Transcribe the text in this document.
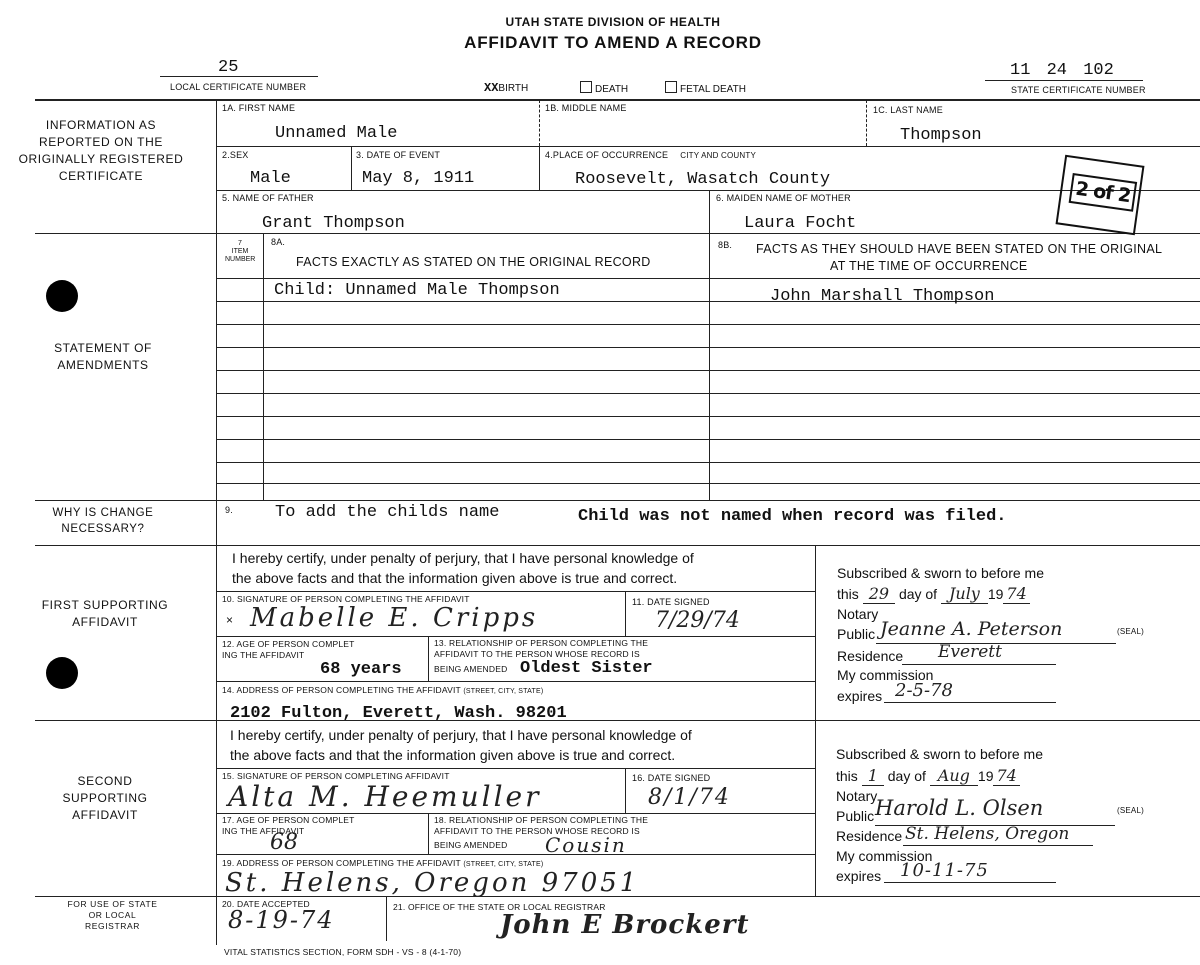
UTAH STATE DIVISION OF HEALTH
AFFIDAVIT TO AMEND A RECORD
25
LOCAL CERTIFICATE NUMBER	XXBIRTH	DEATH	FETAL DEATH
11 24 102
STATE CERTIFICATE NUMBER
INFORMATION AS REPORTED ON THE ORIGINALLY REGISTERED CERTIFICATE
STATEMENT OF AMENDMENTS
WHY IS CHANGE NECESSARY?
FIRST SUPPORTING AFFIDAVIT
SECOND SUPPORTING AFFIDAVIT
FOR USE OF STATE OR LOCAL REGISTRAR
1A. FIRST NAME
Unnamed Male
1B. MIDDLE NAME	1C. LAST NAME
Thompson
2.SEX
Male
3. DATE OF EVENT
May 8, 1911
4.PLACE OF OCCURRENCE CITY AND COUNTY
Roosevelt, Wasatch County
5. NAME OF FATHER
Grant Thompson
6. MAIDEN NAME OF MOTHER
Laura Focht
2 of 2
7
ITEM NUMBER
8A.
FACTS EXACTLY AS STATED ON THE ORIGINAL RECORD
8B. FACTS AS THEY SHOULD HAVE BEEN STATED ON THE ORIGINAL
AT THE TIME OF OCCURRENCE
Child: Unnamed Male Thompson	John Marshall Thompson
9. To add the childs name	Child was not named when record was filed.
I hereby certify, under penalty of perjury, that I have personal knowledge of
the above facts and that the information given above is true and correct.
10. SIGNATURE OF PERSON COMPLETING THE AFFIDAVIT
× Mabelle E. Cripps
11. DATE SIGNED
7/29/74
12. AGE OF PERSON COMPLET
ING THE AFFIDAVIT
68 years
13. RELATIONSHIP OF PERSON COMPLETING THE
AFFIDAVIT TO THE PERSON WHOSE RECORD IS
BEING AMENDED Oldest Sister
14. ADDRESS OF PERSON COMPLETING THE AFFIDAVIT (STREET, CITY, STATE)
2102 Fulton, Everett, Wash. 98201
Subscribed & sworn to before me
this 29 day of July 19 74
Notary
Public Jeanne A. Peterson	(SEAL)
Residence Everett
My commission
expires 2-5-78
I hereby certify, under penalty of perjury, that I have personal knowledge of
the above facts and that the information given above is true and correct.
15. SIGNATURE OF PERSON COMPLETING AFFIDAVIT
Alta M. Heemuller
16. DATE SIGNED
8/1/74
17. AGE OF PERSON COMPLET
ING THE AFFIDAVIT
68
18. RELATIONSHIP OF PERSON COMPLETING THE
AFFIDAVIT TO THE PERSON WHOSE RECORD IS
BEING AMENDED Cousin
19. ADDRESS OF PERSON COMPLETING THE AFFIDAVIT (STREET, CITY, STATE)
St. Helens, Oregon 97051
Subscribed & sworn to before me
this 1 day of Aug 19 74
Notary
Public Harold L. Olsen	(SEAL)
Residence St. Helens, Oregon
My commission
expires 10-11-75
20. DATE ACCEPTED
8-19-74	21. OFFICE OF THE STATE OR LOCAL REGISTRAR
John E Brockert
VITAL STATISTICS SECTION, FORM SDH - VS - 8 (4-1-70)
